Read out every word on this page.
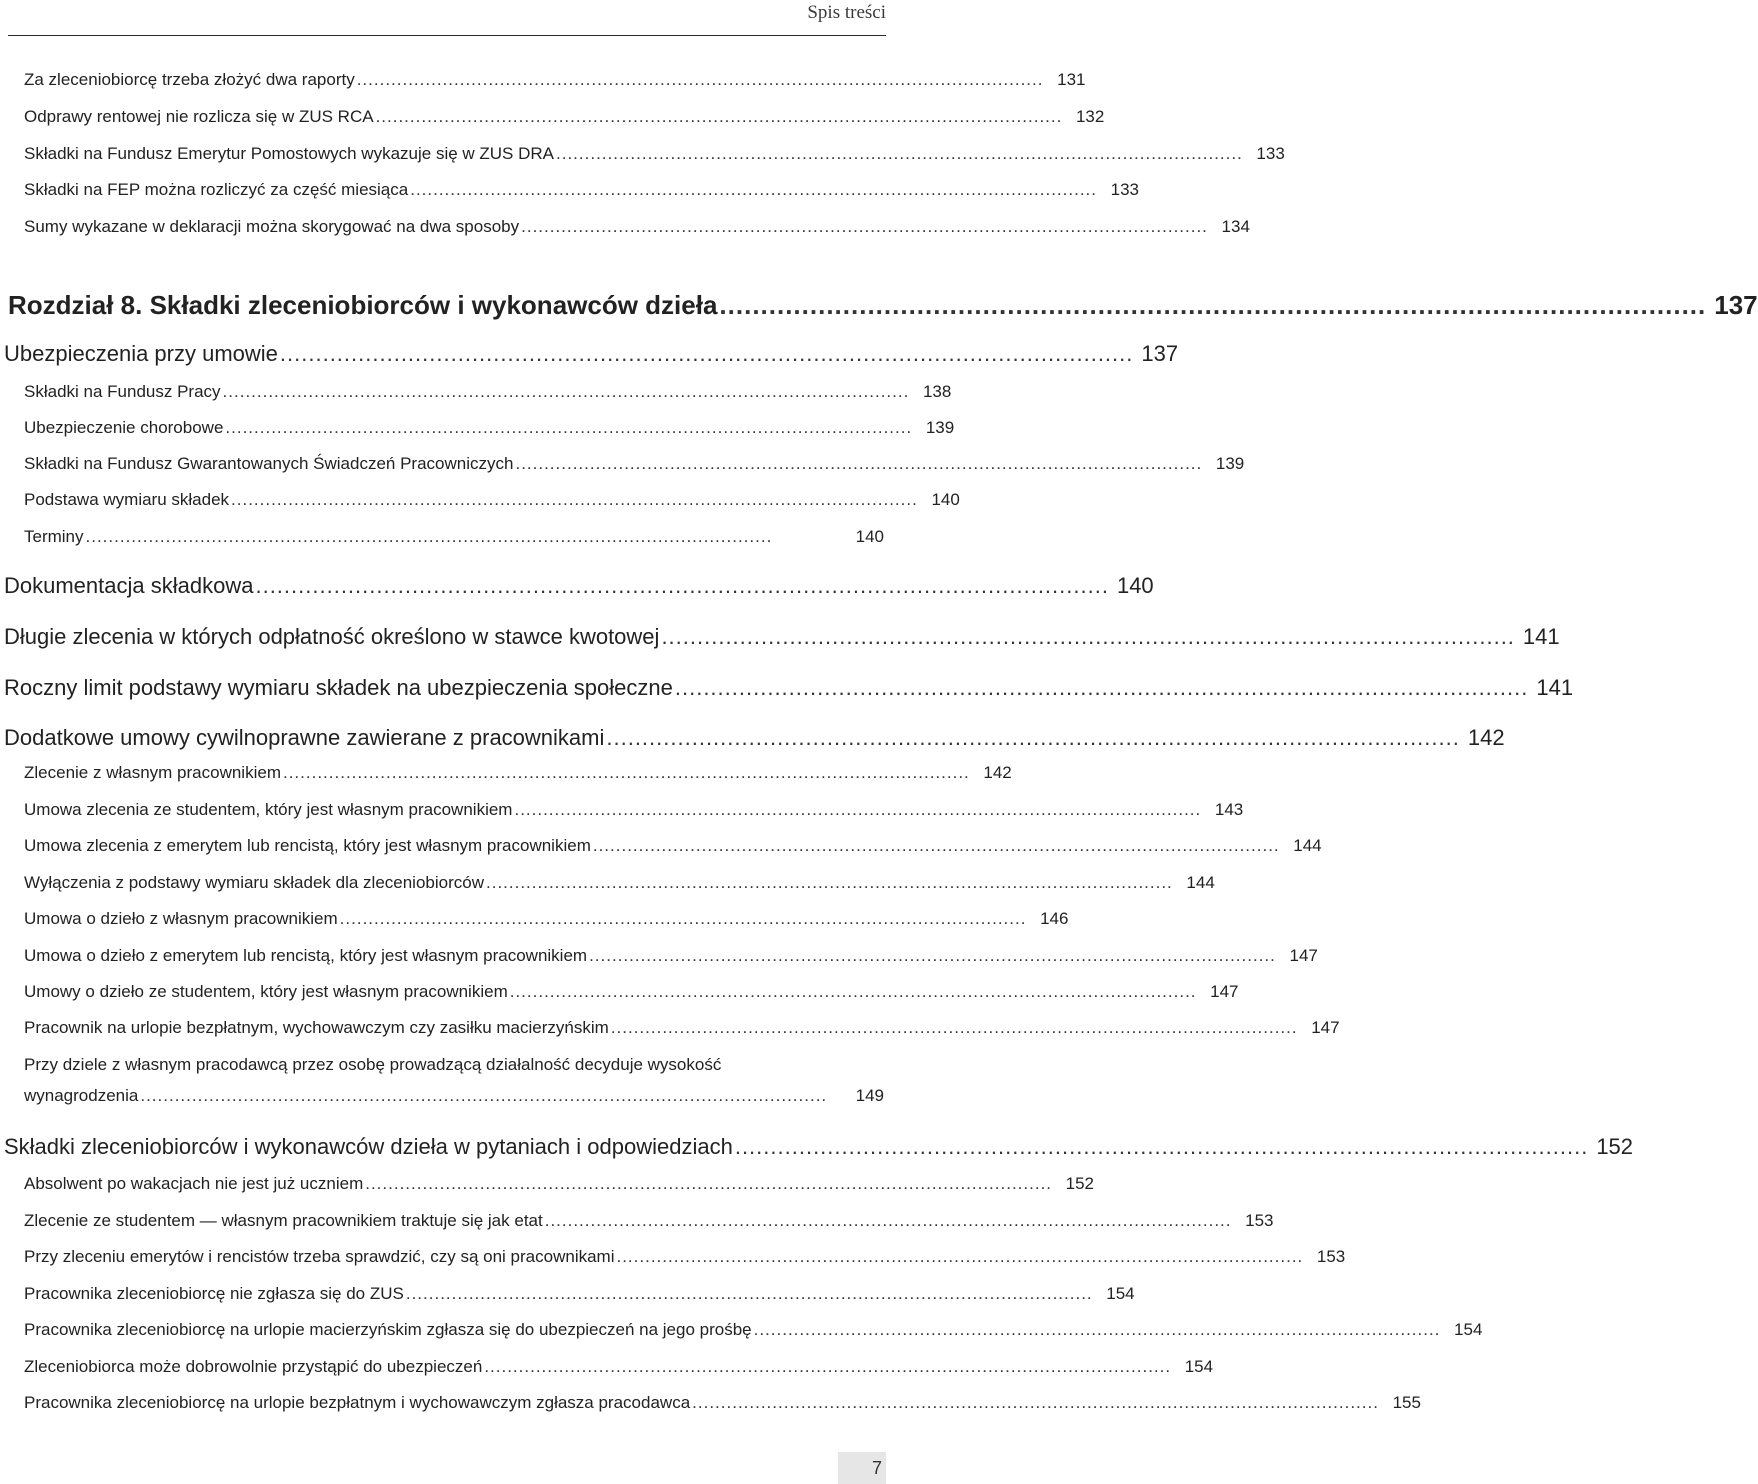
Spis treści
Za zleceniobiorcę trzeba złożyć dwa raporty ........................................................................................................................ 131
Odprawy rentowej nie rozlicza się w ZUS RCA ........................................................................................................................ 132
Składki na Fundusz Emerytur Pomostowych wykazuje się w ZUS DRA ........................................................................................................................ 133
Składki na FEP można rozliczyć za część miesiąca ........................................................................................................................ 133
Sumy wykazane w deklaracji można skorygować na dwa sposoby ........................................................................................................................ 134
Rozdział 8. Składki zleceniobiorców i wykonawców dzieła ........................................................................................................................ 137
Ubezpieczenia przy umowie ........................................................................................................................ 137
Składki na Fundusz Pracy ........................................................................................................................ 138
Ubezpieczenie chorobowe ........................................................................................................................ 139
Składki na Fundusz Gwarantowanych Świadczeń Pracowniczych ........................................................................................................................ 139
Podstawa wymiaru składek ........................................................................................................................ 140
Terminy ........................................................................................................................	140
Dokumentacja składkowa ........................................................................................................................ 140
Długie zlecenia w których odpłatność określono w stawce kwotowej ........................................................................................................................ 141
Roczny limit podstawy wymiaru składek na ubezpieczenia społeczne ........................................................................................................................ 141
Dodatkowe umowy cywilnoprawne zawierane z pracownikami ........................................................................................................................ 142
Zlecenie z własnym pracownikiem ........................................................................................................................ 142
Umowa zlecenia ze studentem, który jest własnym pracownikiem ........................................................................................................................ 143
Umowa zlecenia z emerytem lub rencistą, który jest własnym pracownikiem ........................................................................................................................ 144
Wyłączenia z podstawy wymiaru składek dla zleceniobiorców ........................................................................................................................ 144
Umowa o dzieło z własnym pracownikiem ........................................................................................................................ 146
Umowa o dzieło z emerytem lub rencistą, który jest własnym pracownikiem ........................................................................................................................ 147
Umowy o dzieło ze studentem, który jest własnym pracownikiem ........................................................................................................................ 147
Pracownik na urlopie bezpłatnym, wychowawczym czy zasiłku macierzyńskim ........................................................................................................................ 147
Przy dziele z własnym pracodawcą przez osobę prowadzącą działalność decyduje wysokość
wynagrodzenia ........................................................................................................................	149
Składki zleceniobiorców i wykonawców dzieła w pytaniach i odpowiedziach ........................................................................................................................ 152
Absolwent po wakacjach nie jest już uczniem ........................................................................................................................ 152
Zlecenie ze studentem — własnym pracownikiem traktuje się jak etat ........................................................................................................................ 153
Przy zleceniu emerytów i rencistów trzeba sprawdzić, czy są oni pracownikami ........................................................................................................................ 153
Pracownika zleceniobiorcę nie zgłasza się do ZUS ........................................................................................................................ 154
Pracownika zleceniobiorcę na urlopie macierzyńskim zgłasza się do ubezpieczeń na jego prośbę ........................................................................................................................ 154
Zleceniobiorca może dobrowolnie przystąpić do ubezpieczeń ........................................................................................................................ 154
Pracownika zleceniobiorcę na urlopie bezpłatnym i wychowawczym zgłasza pracodawca ........................................................................................................................ 155
7
